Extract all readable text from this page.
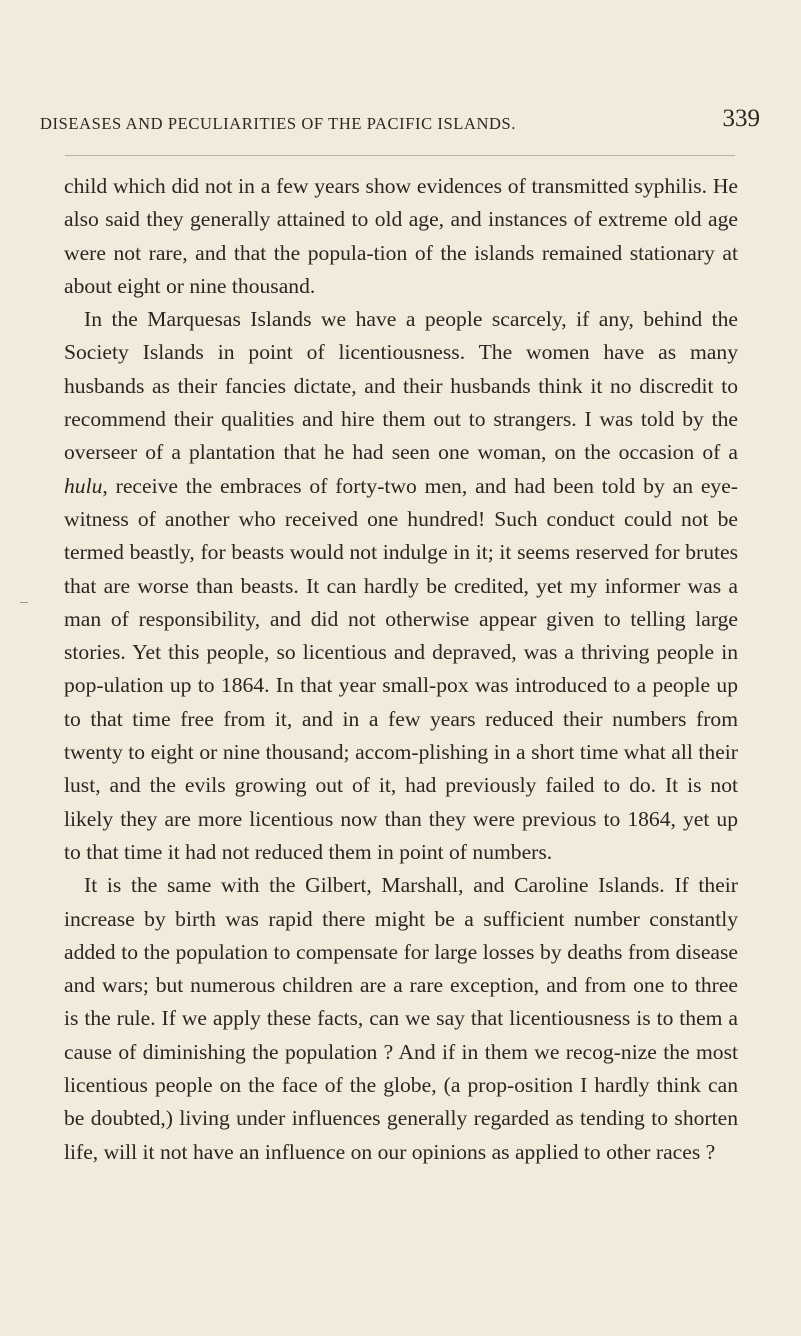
DISEASES AND PECULIARITIES OF THE PACIFIC ISLANDS.	339

child which did not in a few years show evidences of transmitted syphilis. He also said they generally attained to old age, and instances of extreme old age were not rare, and that the popula-tion of the islands remained stationary at about eight or nine thousand.

In the Marquesas Islands we have a people scarcely, if any, behind the Society Islands in point of licentiousness. The women have as many husbands as their fancies dictate, and their husbands think it no discredit to recommend their qualities and hire them out to strangers. I was told by the overseer of a plantation that he had seen one woman, on the occasion of a hulu, receive the embraces of forty-two men, and had been told by an eye-witness of another who received one hundred! Such conduct could not be termed beastly, for beasts would not indulge in it; it seems reserved for brutes that are worse than beasts. It can hardly be credited, yet my informer was a man of responsibility, and did not otherwise appear given to telling large stories. Yet this people, so licentious and depraved, was a thriving people in pop-ulation up to 1864. In that year small-pox was introduced to a people up to that time free from it, and in a few years reduced their numbers from twenty to eight or nine thousand; accom-plishing in a short time what all their lust, and the evils growing out of it, had previously failed to do. It is not likely they are more licentious now than they were previous to 1864, yet up to that time it had not reduced them in point of numbers.

It is the same with the Gilbert, Marshall, and Caroline Islands. If their increase by birth was rapid there might be a sufficient number constantly added to the population to compensate for large losses by deaths from disease and wars; but numerous children are a rare exception, and from one to three is the rule. If we apply these facts, can we say that licentiousness is to them a cause of diminishing the population ? And if in them we recog-nize the most licentious people on the face of the globe, (a prop-osition I hardly think can be doubted,) living under influences generally regarded as tending to shorten life, will it not have an influence on our opinions as applied to other races ?
